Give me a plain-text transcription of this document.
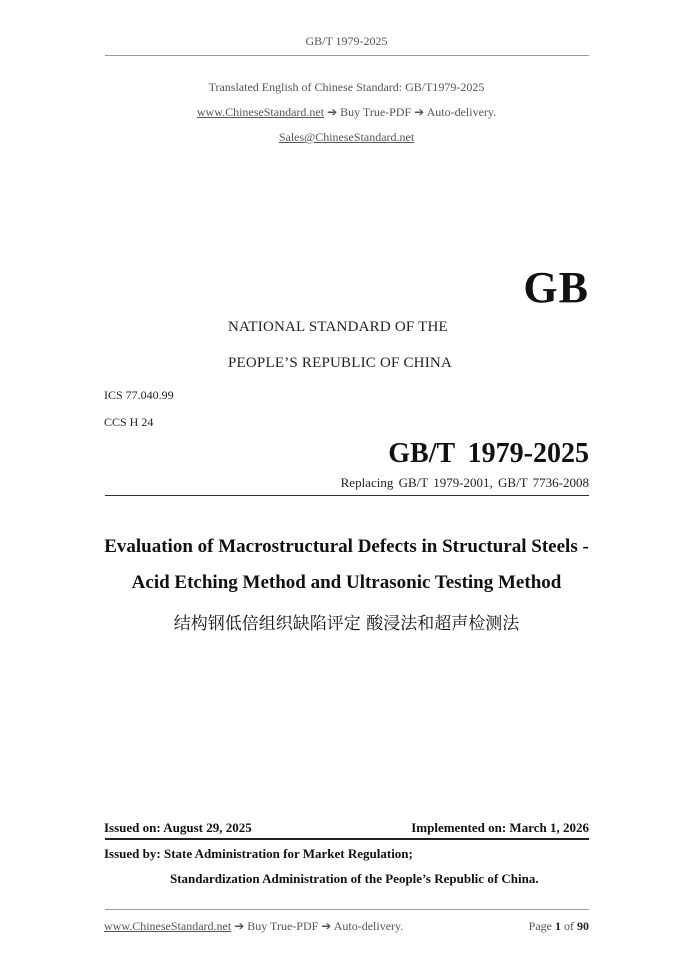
GB/T 1979-2025
Translated English of Chinese Standard: GB/T1979-2025
www.ChineseStandard.net ➔ Buy True-PDF ➔ Auto-delivery.
Sales@ChineseStandard.net
GB
NATIONAL STANDARD OF THE
PEOPLE’S REPUBLIC OF CHINA
ICS 77.040.99
CCS H 24
GB/T 1979-2025
Replacing GB/T 1979-2001, GB/T 7736-2008
Evaluation of Macrostructural Defects in Structural Steels -
Acid Etching Method and Ultrasonic Testing Method
结构钢低倍组织缺陷评定 酸浸法和超声检测法
Issued on: August 29, 2025	Implemented on: March 1, 2026
Issued by: State Administration for Market Regulation;
Standardization Administration of the People’s Republic of China.
www.ChineseStandard.net ➔ Buy True-PDF ➔ Auto-delivery.	Page 1 of 90
